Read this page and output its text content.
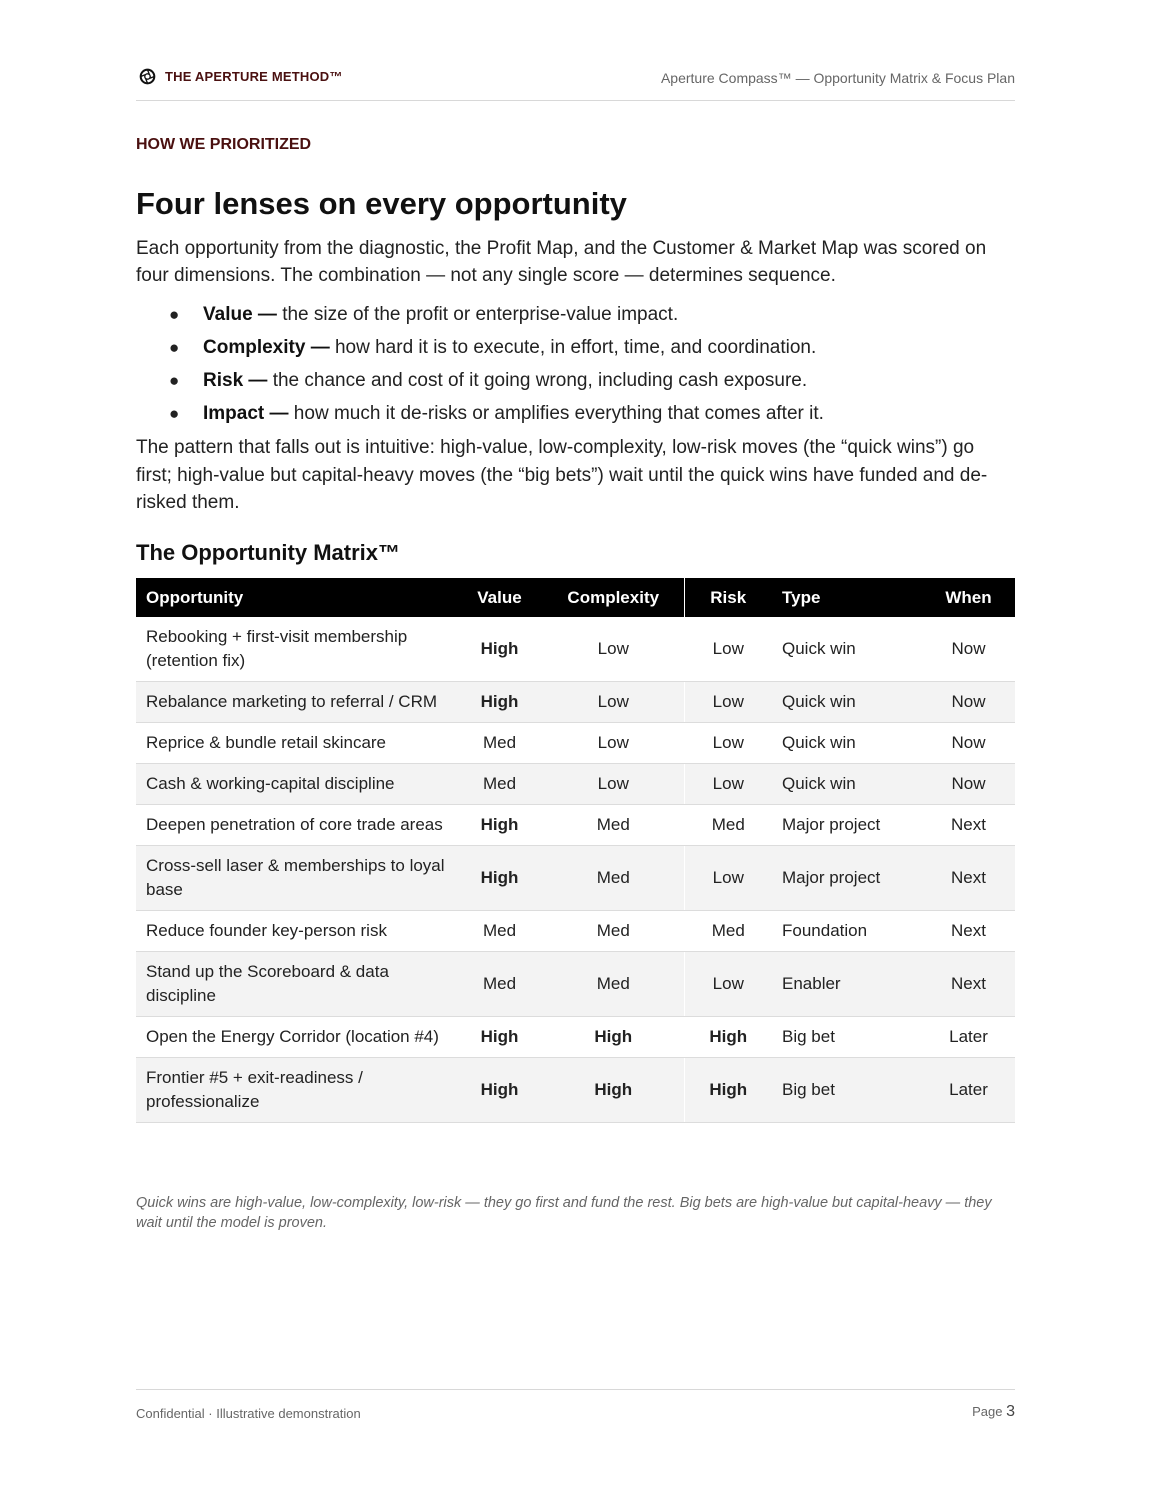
THE APERTURE METHOD™	Aperture Compass™ — Opportunity Matrix & Focus Plan
HOW WE PRIORITIZED
Four lenses on every opportunity

Each opportunity from the diagnostic, the Profit Map, and the Customer & Market Map was scored on four dimensions. The combination — not any single score — determines sequence.

● Value — the size of the profit or enterprise-value impact.
● Complexity — how hard it is to execute, in effort, time, and coordination.
● Risk — the chance and cost of it going wrong, including cash exposure.
● Impact — how much it de-risks or amplifies everything that comes after it.

The pattern that falls out is intuitive: high-value, low-complexity, low-risk moves (the “quick wins”) go first; high-value but capital-heavy moves (the “big bets”) wait until the quick wins have funded and de-risked them.

The Opportunity Matrix™
Opportunity	Value	Complexity	Risk	Type	When
Rebooking + first-visit membership (retention fix)	High	Low	Low	Quick win	Now
Rebalance marketing to referral / CRM	High	Low	Low	Quick win	Now
Reprice & bundle retail skincare	Med	Low	Low	Quick win	Now
Cash & working-capital discipline	Med	Low	Low	Quick win	Now
Deepen penetration of core trade areas	High	Med	Med	Major project	Next
Cross-sell laser & memberships to loyal base	High	Med	Low	Major project	Next
Reduce founder key-person risk	Med	Med	Med	Foundation	Next
Stand up the Scoreboard & data discipline	Med	Med	Low	Enabler	Next
Open the Energy Corridor (location #4)	High	High	High	Big bet	Later
Frontier #5 + exit-readiness / professionalize	High	High	High	Big bet	Later

Quick wins are high-value, low-complexity, low-risk — they go first and fund the rest. Big bets are high-value but capital-heavy — they wait until the model is proven.

Confidential · Illustrative demonstration	Page 3
